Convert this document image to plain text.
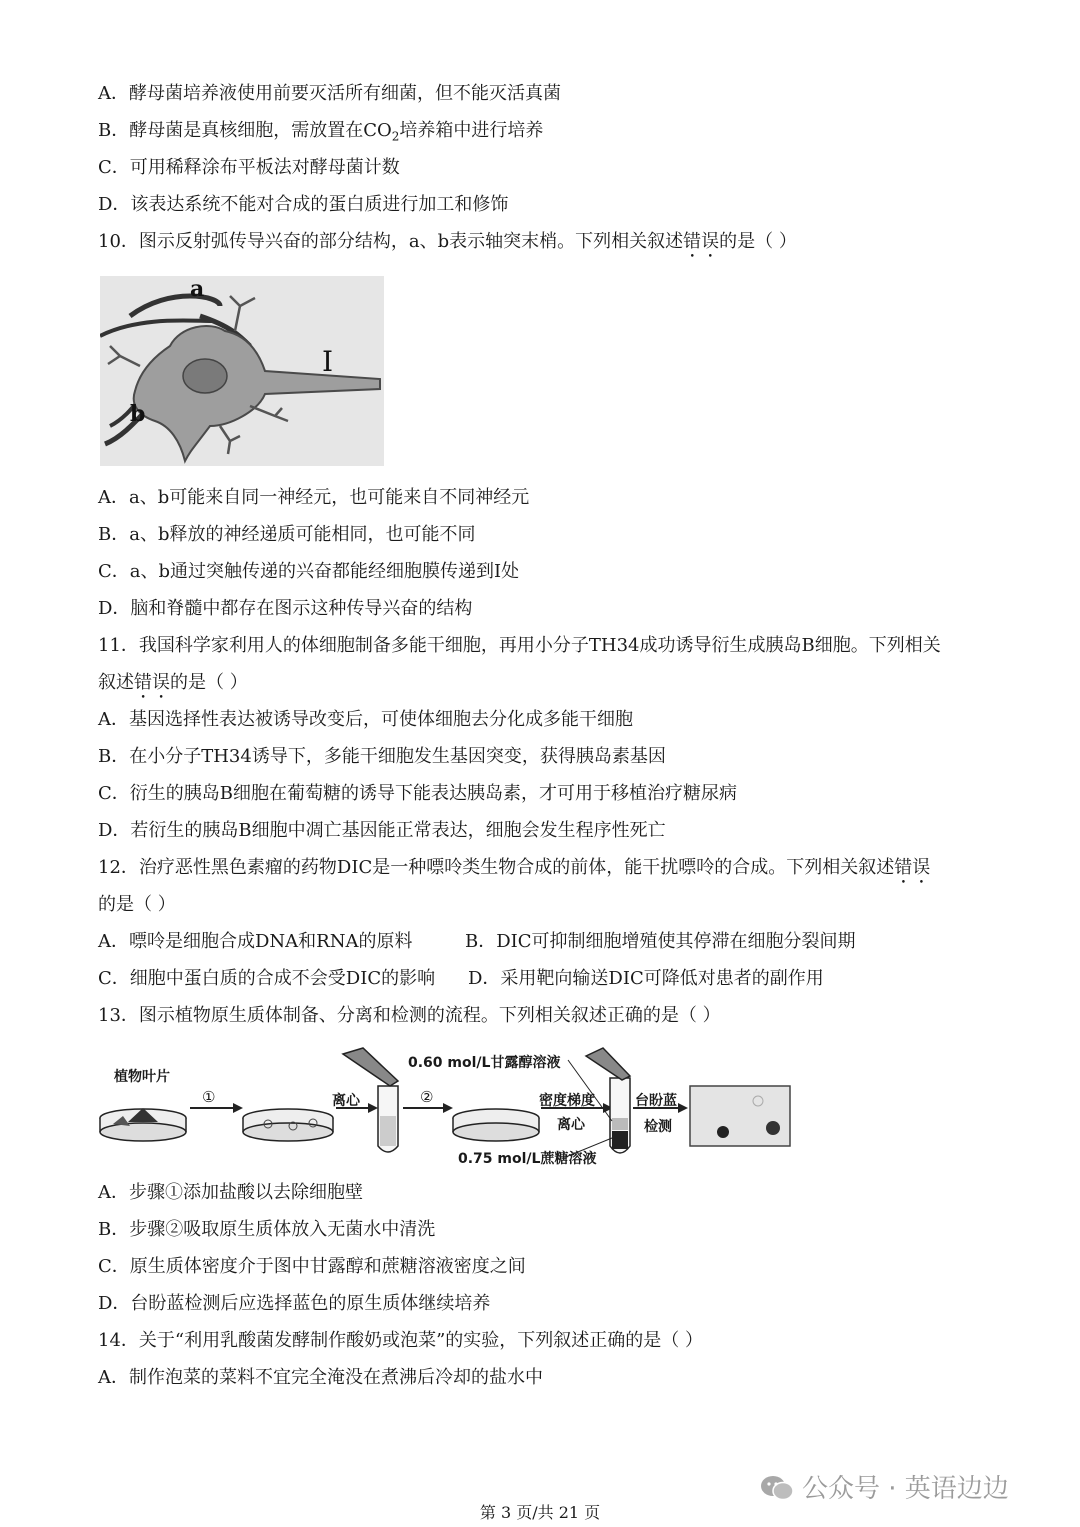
A．酵母菌培养液使用前要灭活所有细菌，但不能灭活真菌
B．酵母菌是真核细胞，需放置在$CO_2$培养箱中进行培养
C．可用稀释涂布平板法对酵母菌计数
D．该表达系统不能对合成的蛋白质进行加工和修饰
10．图示反射弧传导兴奋的部分结构，a、b表示轴突末梢。下列相关叙述错误的是（ ）
a
b
I
A．a、b可能来自同一神经元，也可能来自不同神经元
B．a、b释放的神经递质可能相同，也可能不同
C．a、b通过突触传递的兴奋都能经细胞膜传递到I处
D．脑和脊髓中都存在图示这种传导兴奋的结构
11．我国科学家利用人的体细胞制备多能干细胞，再用小分子TH34成功诱导衍生成胰岛B细胞。下列相关
叙述错误的是（ ）
A．基因选择性表达被诱导改变后，可使体细胞去分化成多能干细胞
B．在小分子TH34诱导下，多能干细胞发生基因突变，获得胰岛素基因
C．衍生的胰岛B细胞在葡萄糖的诱导下能表达胰岛素，才可用于移植治疗糖尿病
D．若衍生的胰岛B细胞中凋亡基因能正常表达，细胞会发生程序性死亡
12．治疗恶性黑色素瘤的药物DIC是一种嘌呤类生物合成的前体，能干扰嘌呤的合成。下列相关叙述错误
的是（ ）
A．嘌呤是细胞合成DNA和RNA的原料	B．DIC可抑制细胞增殖使其停滞在细胞分裂间期
C．细胞中蛋白质的合成不会受DIC的影响 D．采用靶向输送DIC可降低对患者的副作用
13．图示植物原生质体制备、分离和检测的流程。下列相关叙述正确的是（ ）
植物叶片
①	离心	②
0.60 mol/L甘露醇溶液
密度梯度
离心
0.75 mol/L蔗糖溶液
台盼蓝
检测
A．步骤①添加盐酸以去除细胞壁
B．步骤②吸取原生质体放入无菌水中清洗
C．原生质体密度介于图中甘露醇和蔗糖溶液密度之间
D．台盼蓝检测后应选择蓝色的原生质体继续培养
14．关于“利用乳酸菌发酵制作酸奶或泡菜”的实验，下列叙述正确的是（ ）
A．制作泡菜的菜料不宜完全淹没在煮沸后冷却的盐水中
公众号 · 英语边边
第 3 页/共 21 页
